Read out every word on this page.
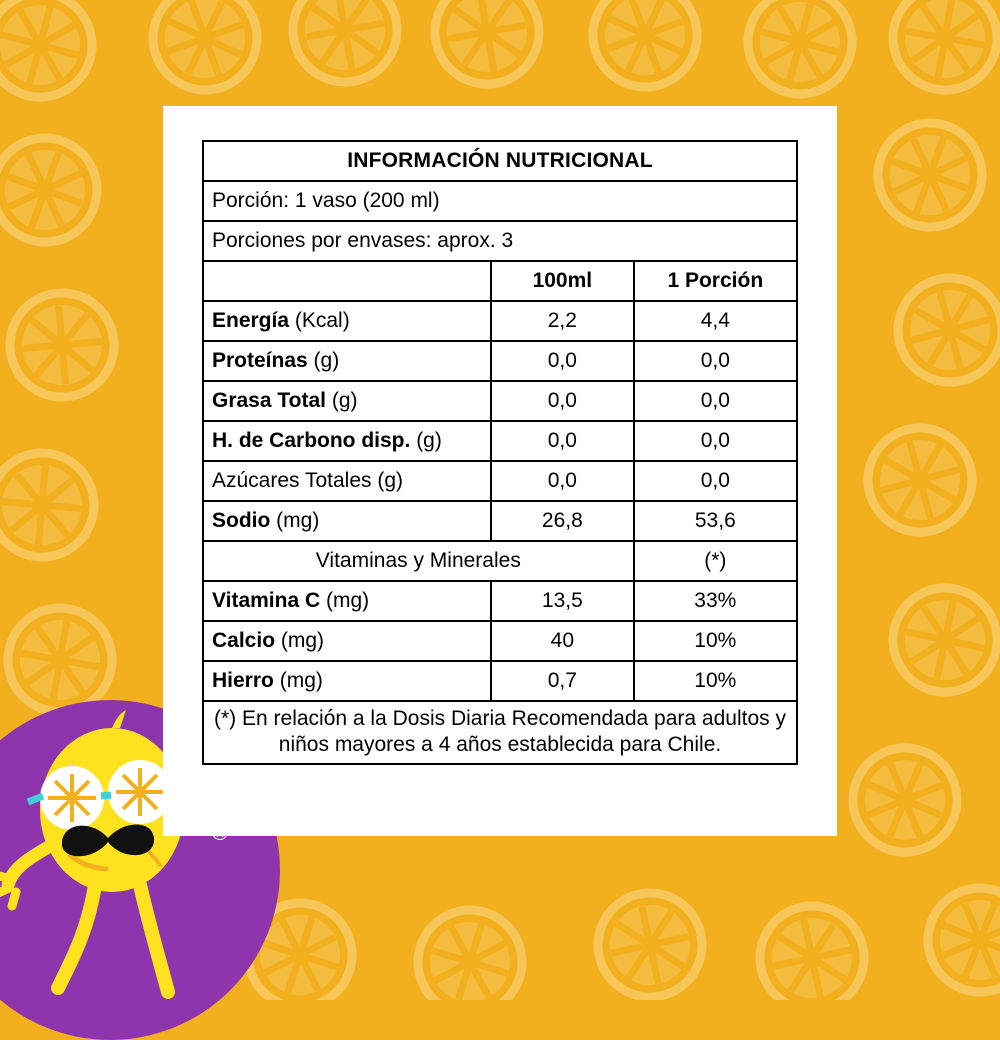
INFORMACIÓN NUTRICIONAL		
Porción: 1 vaso (200 ml)		
Porciones por envases: aprox. 3		
	100ml	1 Porción
Energía (Kcal)	2,2	4,4
Proteínas (g)	0,0	0,0
Grasa Total (g)	0,0	0,0
H. de Carbono disp. (g)	0,0	0,0
Azúcares Totales (g)	0,0	0,0
Sodio (mg)	26,8	53,6
Vitaminas y Minerales		(*)
Vitamina C (mg)	13,5	33%
Calcio (mg)	40	10%
Hierro (mg)	0,7	10%
(*) En relación a la Dosis Diaria Recomendada para adultos y niños mayores a 4 años establecida para Chile.		
